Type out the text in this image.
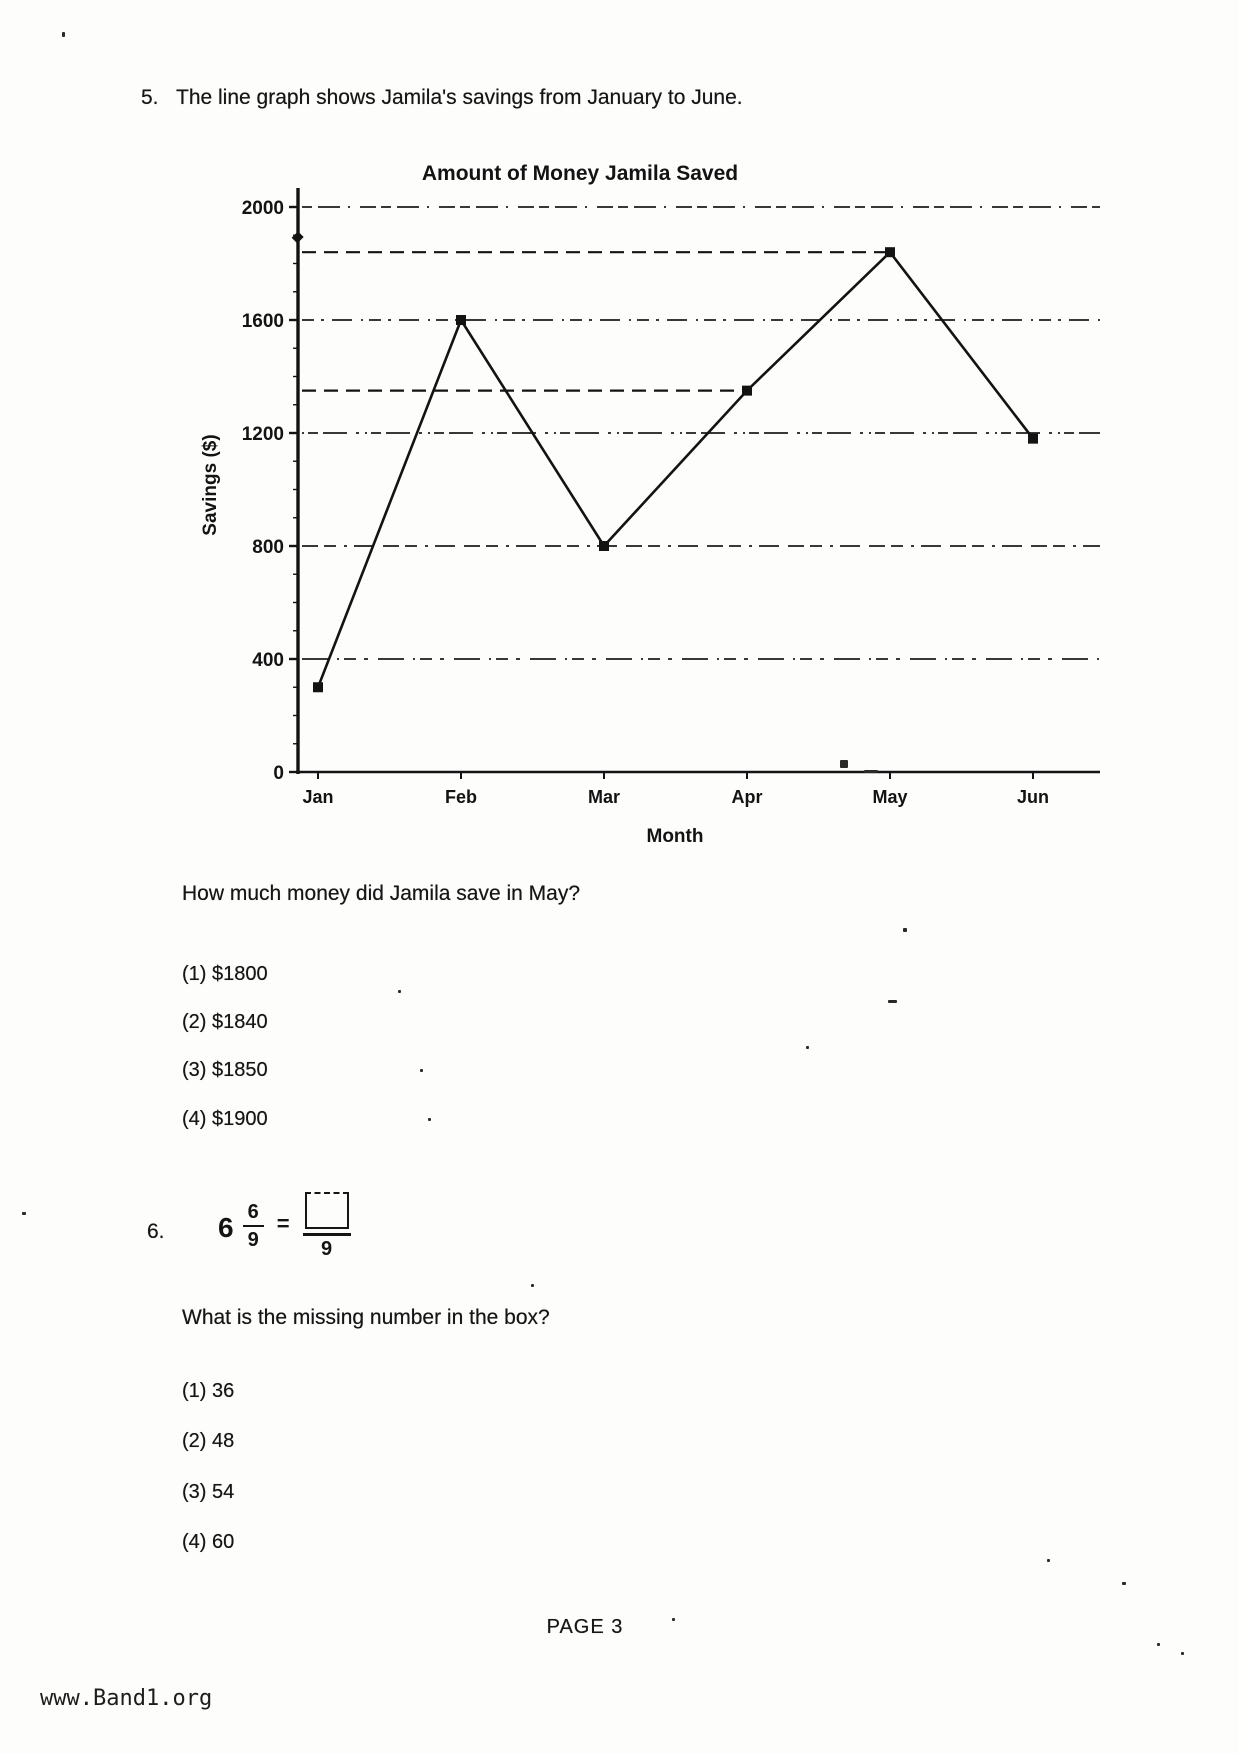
5. The line graph shows Jamila's savings from January to June.
Amount of Money Jamila Saved
0
400
800
1200
1600
2000
Jan	Feb	Mar	Apr	May	Jun
Savings ($)
Month
How much money did Jamila save in May?
(1) $1800
(2) $1840
(3) $1850
(4) $1900
6. $6 \frac{6}{9}$ =
9
What is the missing number in the box?
(1) 36
(2) 48
(3) 54
(4) 60
PAGE 3
www.Band1.org
